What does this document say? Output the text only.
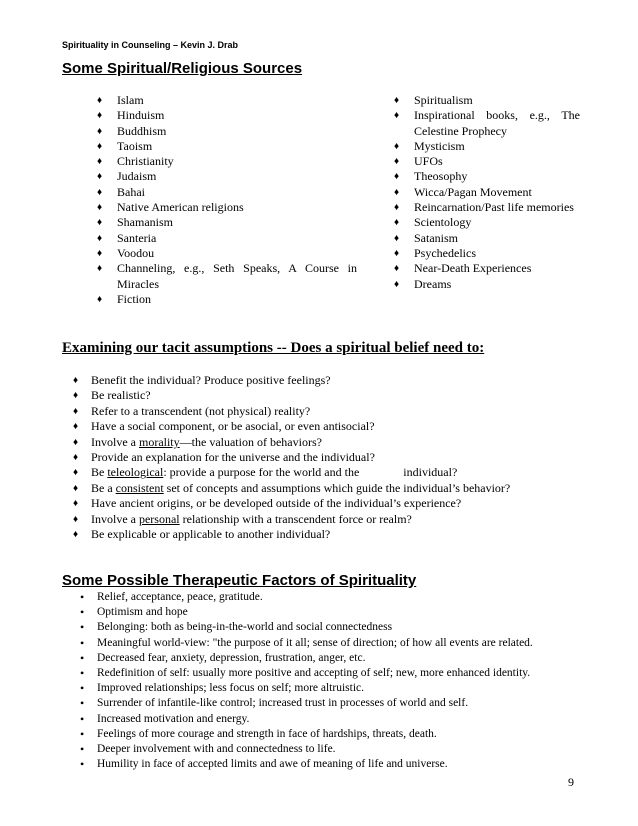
Spirituality in Counseling – Kevin J. Drab
Some Spiritual/Religious Sources
♦	Islam
♦	Hinduism
♦	Buddhism
♦	Taoism
♦	Christianity
♦	Judaism
♦	Bahai
♦	Native American religions
♦	Shamanism
♦	Santeria
♦	Voodou
♦	Channeling, e.g., Seth Speaks, A Course in Miracles
♦	Fiction
♦	Spiritualism
♦	Inspirational books, e.g., The Celestine Prophecy
♦	Mysticism
♦	UFOs
♦	Theosophy
♦	Wicca/Pagan Movement
♦	Reincarnation/Past life memories
♦	Scientology
♦	Satanism
♦	Psychedelics
♦	Near-Death Experiences
♦	Dreams
Examining our tacit assumptions -- Does a spiritual belief need to:
♦	Benefit the individual? Produce positive feelings?
♦	Be realistic?
♦	Refer to a transcendent (not physical) reality?
♦	Have a social component, or be asocial, or even antisocial?
♦	Involve a morality—the valuation of behaviors?
♦	Provide an explanation for the universe and the individual?
♦	Be teleological: provide a purpose for the world and the	individual?
♦	Be a consistent set of concepts and assumptions which guide the individual’s behavior?
♦	Have ancient origins, or be developed outside of the individual’s experience?
♦	Involve a personal relationship with a transcendent force or realm?
♦	Be explicable or applicable to another individual?
Some Possible Therapeutic Factors of Spirituality
•	Relief, acceptance, peace, gratitude.
•	Optimism and hope
•	Belonging: both as being-in-the-world and social connectedness
•	Meaningful world-view: "the purpose of it all; sense of direction; of how all events are related.
•	Decreased fear, anxiety, depression, frustration, anger, etc.
•	Redefinition of self: usually more positive and accepting of self; new, more enhanced identity.
•	Improved relationships; less focus on self; more altruistic.
•	Surrender of infantile-like control; increased trust in processes of world and self.
•	Increased motivation and energy.
•	Feelings of more courage and strength in face of hardships, threats, death.
•	Deeper involvement with and connectedness to life.
•	Humility in face of accepted limits and awe of meaning of life and universe.
9
